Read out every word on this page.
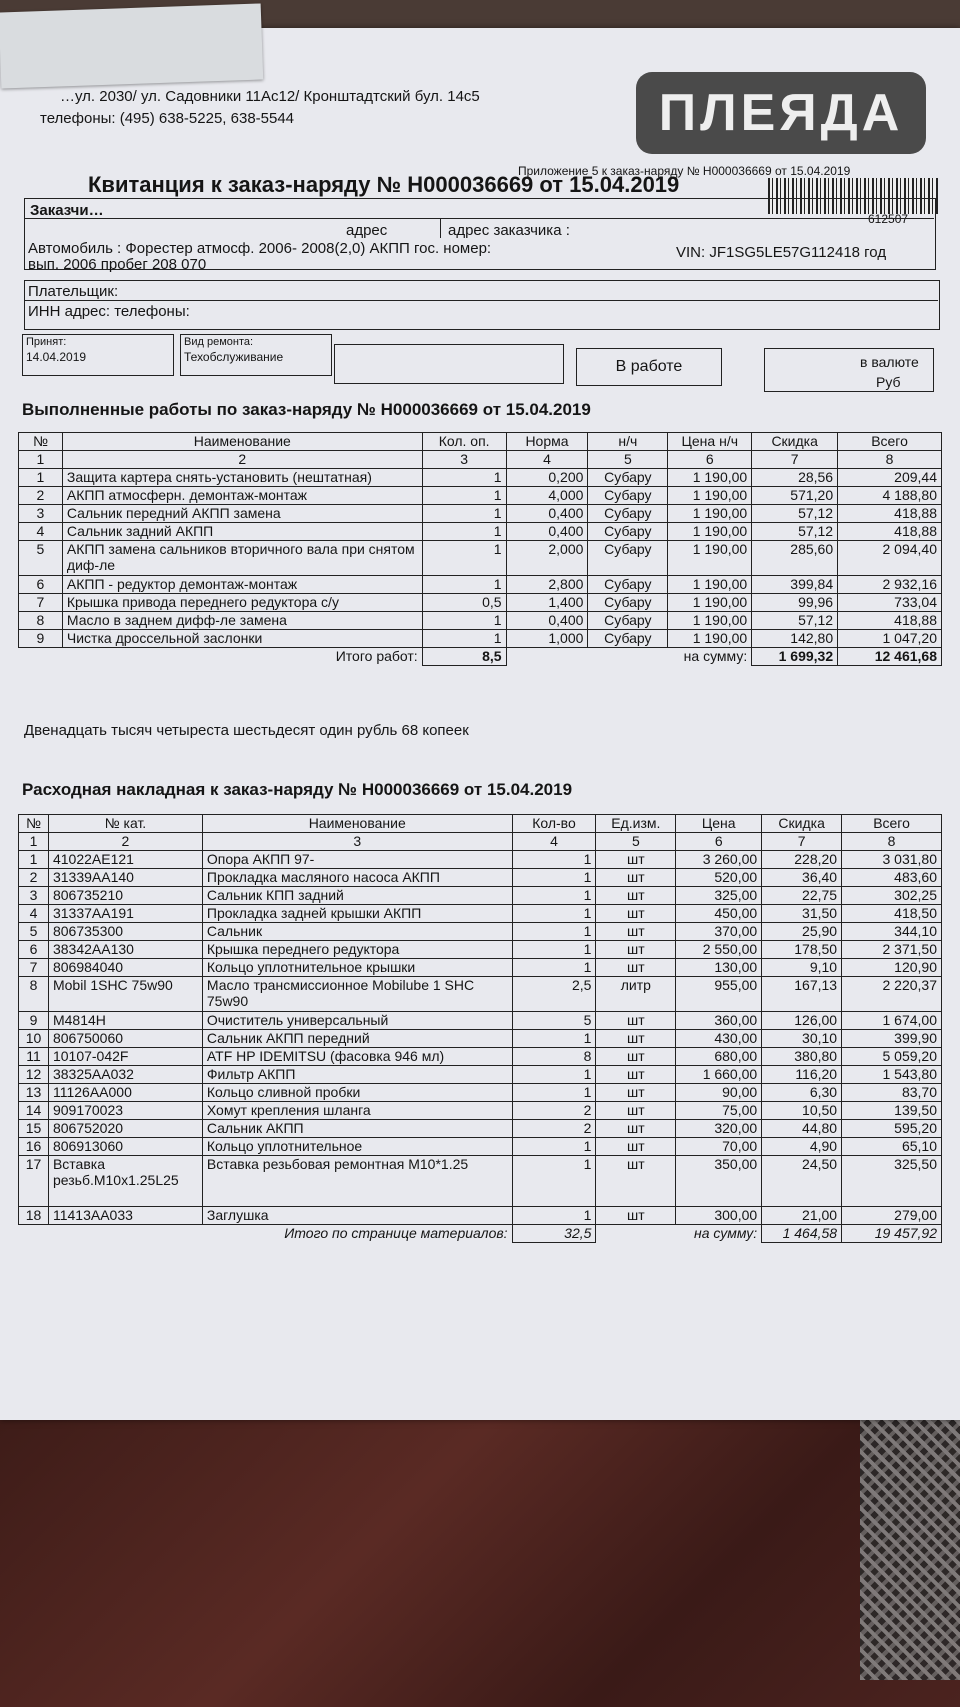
…ул. 2030/ ул. Садовники 11Ас12/ Кронштадтский бул. 14с5
телефоны: (495) 638-5225, 638-5544	ПЛЕЯДА
Приложение 5 к заказ-наряду № Н000036669 от 15.04.2019
612507
Квитанция к заказ-наряду № Н000036669 от 15.04.2019
Заказчи…
адрес	адрес заказчика :
Автомобиль : Форестер атмосф. 2006- 2008(2,0) АКПП гос. номер:	VIN: JF1SG5LE57G112418 год
вып. 2006 пробег 208 070
Плательщик:
ИНН адрес: телефоны:
Принят:
14.04.2019
Вид ремонта:
Техобслуживание
В работе	в валюте
Руб
Выполненные работы по заказ-наряду № Н000036669 от 15.04.2019
№	Наименование	Кол. оп.	Норма	н/ч	Цена н/ч	Скидка	Всего
1	2	3	4	5	6	7	8
1	Защита картера снять-установить (нештатная)	1	0,200	Субару	1 190,00	28,56	209,44
2	АКПП атмосферн. демонтаж-монтаж	1	4,000	Субару	1 190,00	571,20	4 188,80
3	Сальник передний АКПП замена	1	0,400	Субару	1 190,00	57,12	418,88
4	Сальник задний АКПП	1	0,400	Субару	1 190,00	57,12	418,88
5	АКПП замена сальников вторичного вала при снятом диф-ле	1	2,000	Субару	1 190,00	285,60	2 094,40
6	АКПП - редуктор демонтаж-монтаж	1	2,800	Субару	1 190,00	399,84	2 932,16
7	Крышка привода переднего редуктора с/у	0,5	1,400	Субару	1 190,00	99,96	733,04
8	Масло в заднем дифф-ле замена	1	0,400	Субару	1 190,00	57,12	418,88
9	Чистка дроссельной заслонки	1	1,000	Субару	1 190,00	142,80	1 047,20
Итого работ:		8,5		на сумму:		1 699,32	12 461,68
Двенадцать тысяч четыреста шестьдесят один рубль 68 копеек
Расходная накладная к заказ-наряду № Н000036669 от 15.04.2019
№	№ кат.	Наименование	Кол-во	Ед.изм.	Цена	Скидка	Всего
1	2	3	4	5	6	7	8
1	41022AE121	Опора АКПП 97-	1	шт	3 260,00	228,20	3 031,80
2	31339AA140	Прокладка масляного насоса АКПП	1	шт	520,00	36,40	483,60
3	806735210	Сальник КПП задний	1	шт	325,00	22,75	302,25
4	31337AA191	Прокладка задней крышки АКПП	1	шт	450,00	31,50	418,50
5	806735300	Сальник	1	шт	370,00	25,90	344,10
6	38342AA130	Крышка переднего редуктора	1	шт	2 550,00	178,50	2 371,50
7	806984040	Кольцо уплотнительное крышки	1	шт	130,00	9,10	120,90
8	Mobil 1SHC 75w90	Масло трансмиссионное Mobilube 1 SHC 75w90	2,5	литр	955,00	167,13	2 220,37
9	M4814H	Очиститель универсальный	5	шт	360,00	126,00	1 674,00
10	806750060	Сальник АКПП передний	1	шт	430,00	30,10	399,90
11	10107-042F	ATF HP IDEMITSU (фасовка 946 мл)	8	шт	680,00	380,80	5 059,20
12	38325AA032	Фильтр АКПП	1	шт	1 660,00	116,20	1 543,80
13	11126AA000	Кольцо сливной пробки	1	шт	90,00	6,30	83,70
14	909170023	Хомут крепления шланга	2	шт	75,00	10,50	139,50
15	806752020	Сальник АКПП	2	шт	320,00	44,80	595,20
16	806913060	Кольцо уплотнительное	1	шт	70,00	4,90	65,10
17	Вставка резьб.M10x1.25L25	Вставка резьбовая ремонтная М10*1.25	1	шт	350,00	24,50	325,50
18	11413AA033	Заглушка	1	шт	300,00	21,00	279,00
Итого по странице материалов:			32,5	на сумму:		1 464,58	19 457,92
